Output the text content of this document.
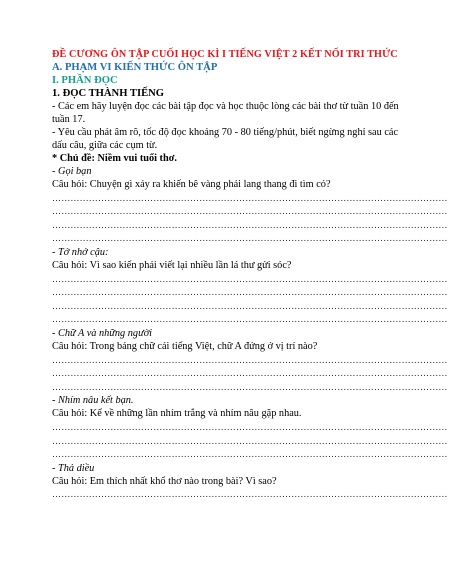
ĐỀ CƯƠNG ÔN TẬP CUỐI HỌC KÌ I TIẾNG VIỆT 2 KẾT NỐI TRI THỨC

A. PHẠM VI KIẾN THỨC ÔN TẬP

I. PHẦN ĐỌC

1. ĐỌC THÀNH TIẾNG

- Các em hãy luyện đọc các bài tập đọc và học thuộc lòng các bài thơ từ tuần 10 đến tuần 17.

- Yêu cầu phát âm rõ, tốc độ đọc khoảng 70 - 80 tiếng/phút, biết ngừng nghỉ sau các dấu câu, giữa các cụm từ.

* Chủ đề: Niềm vui tuổi thơ.

- Gọi bạn

Câu hỏi: Chuyện gì xảy ra khiến bê vàng phải lang thang đi tìm cỏ?

…………………………………………………………………………………………………………………
…………………………………………………………………………………………………………………
…………………………………………………………………………………………………………………
…………………………………………………………………………………………………………………

- Tớ nhớ cậu:

Câu hỏi: Vì sao kiến phải viết lại nhiều lần lá thư gửi sóc?

…………………………………………………………………………………………………………………
…………………………………………………………………………………………………………………
…………………………………………………………………………………………………………………
…………………………………………………………………………………………………………………

- Chữ A và những người

Câu hỏi: Trong bảng chữ cái tiếng Việt, chữ A đứng ở vị trí nào?

…………………………………………………………………………………………………………………
…………………………………………………………………………………………………………………
…………………………………………………………………………………………………………………

- Nhím nâu kết bạn.

Câu hỏi: Kể về những lần nhím trắng và nhím nâu gặp nhau.

…………………………………………………………………………………………………………………
…………………………………………………………………………………………………………………
…………………………………………………………………………………………………………………

- Thả diều

Câu hỏi: Em thích nhất khổ thơ nào trong bài? Vì sao?

…………………………………………………………………………………………………………………
